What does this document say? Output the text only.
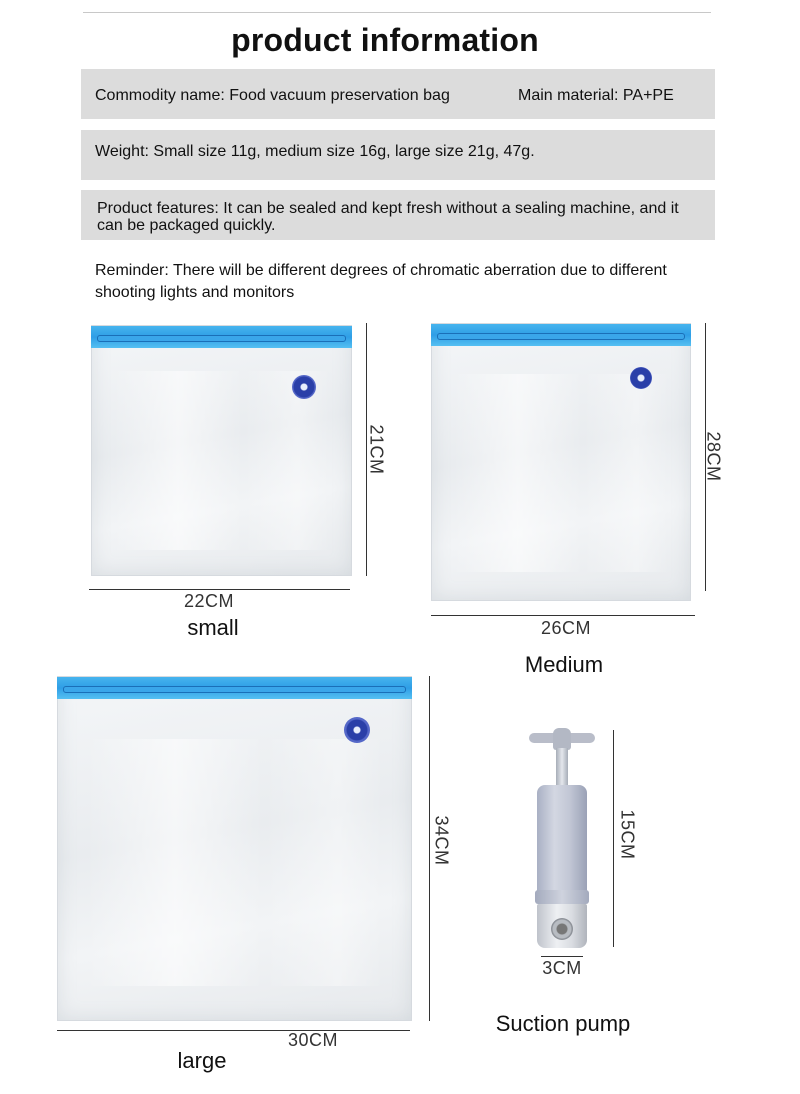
product information
Commodity name: Food vacuum preservation bag	Main material: PA+PE
Weight: Small size 11g, medium size 16g, large size 21g, 47g.
Product features: It can be sealed and kept fresh without a sealing machine, and it can be packaged quickly.
Reminder: There will be different degrees of chromatic aberration due to different shooting lights and monitors
21CM
22CM
small
28CM
26CM
Medium
34CM
30CM
large
15CM
3CM
Suction pump
